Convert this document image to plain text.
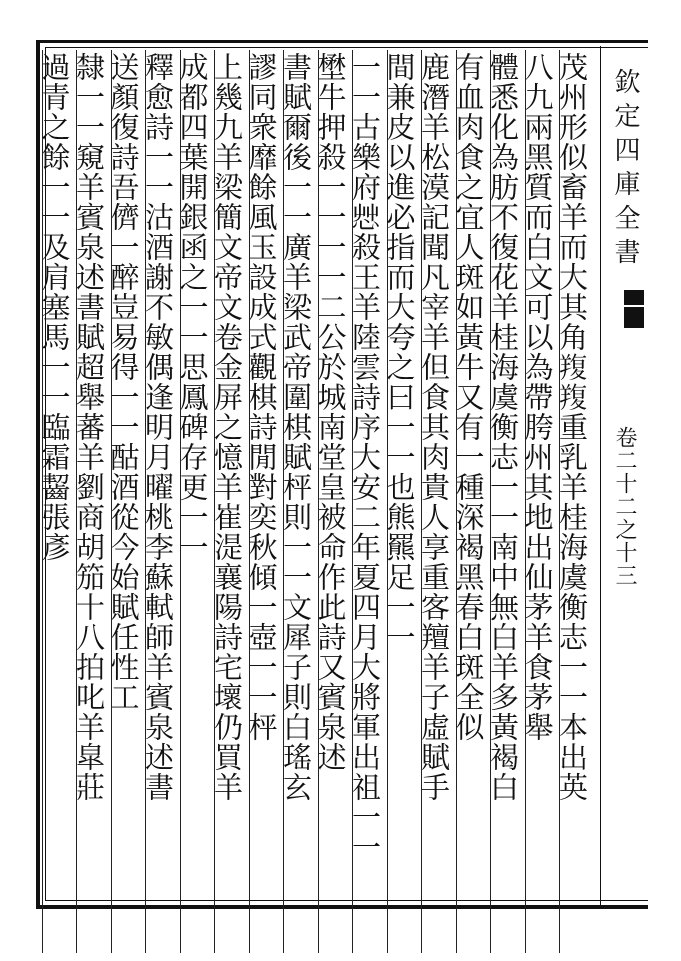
欽定四庫全書
卷二十二之十三
茂州形似畜羊而大其角𦎭𦎭重乳羊桂海虞衡志一一本出英
八九兩黑質而白文可以為帶胯州其地出仙茅羊食茅舉
體悉化為肪不復花羊桂海虞衡志一一南中無白羊多黃褐白
有血肉食之宜人斑如黃牛又有一種深褐黑春白斑全似
鹿潛羊松漠記聞凡宰羊但食其肉貴人享重客羶羊子虛賦手
間兼皮以進必指而大夸之曰一一也熊羆足一一
一一古樂府𢘿殺王羊陸雲詩序大安二年夏四月大將軍出祖一一
壄牛押殺一一一一二公於城南堂皇被命作此詩又賓泉述
書賦爾後一一廣羊梁武帝圍棋賦枰則一一文犀子則白瑤玄
謬同衆靡餘風玉設成式觀棋詩閒對奕秋傾一壺一一枰
上幾九羊梁簡文帝文卷金屏之憶羊崔湜襄陽詩宅壞仍買羊
成都四葉開銀函之一一思鳳碑存更一一
釋愈詩一一沽酒謝不敏偶逢明月曜桃李蘇軾師羊賓泉述書
送顏復詩吾儕一醉豈易得一一酤酒從今始賦任性工
隸一一窺羊賓泉述書賦超舉蕃羊劉商胡笳十八拍叱羊皐莊
過青之餘一一及肩塞馬一一臨霜齧張彥
